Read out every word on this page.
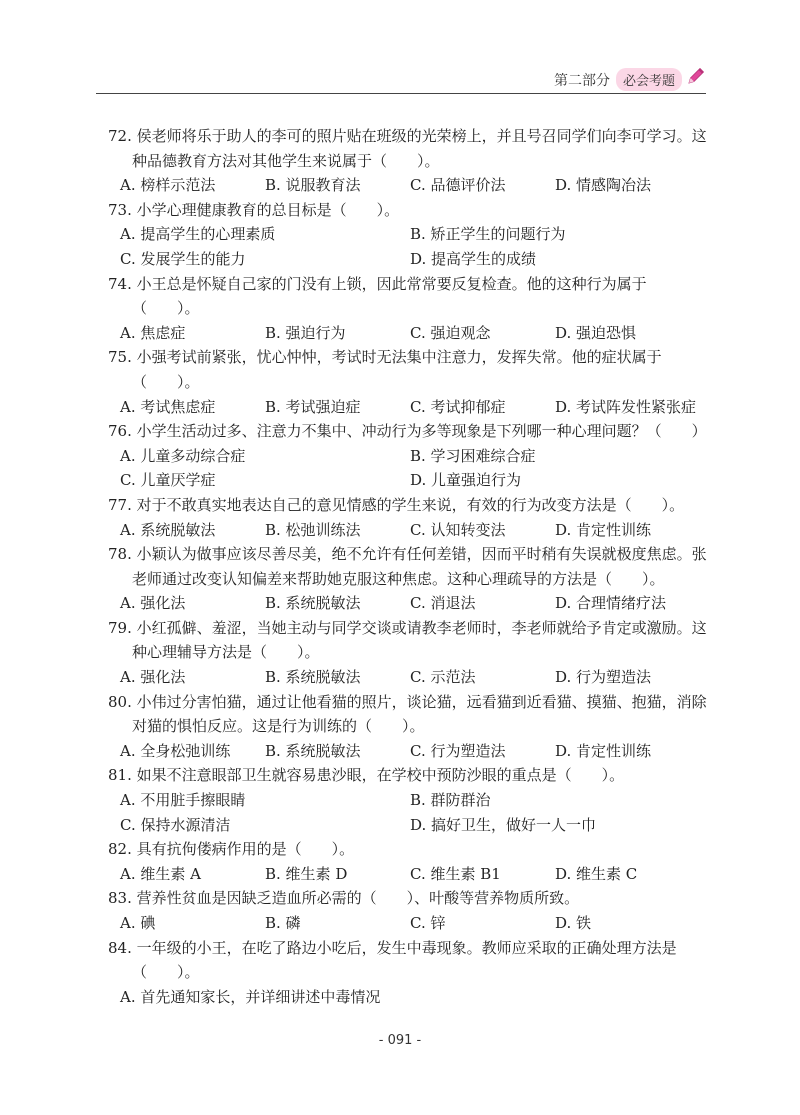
第二部分 必会考题
72. 侯老师将乐于助人的李可的照片贴在班级的光荣榜上，并且号召同学们向李可学习。这种品德教育方法对其他学生来说属于（　　）。
A. 榜样示范法	B. 说服教育法	C. 品德评价法	D. 情感陶冶法
73. 小学心理健康教育的总目标是（　　）。
A. 提高学生的心理素质	B. 矫正学生的问题行为
C. 发展学生的能力	D. 提高学生的成绩
74. 小王总是怀疑自己家的门没有上锁，因此常常要反复检查。他的这种行为属于（　　）。
A. 焦虑症	B. 强迫行为	C. 强迫观念	D. 强迫恐惧
75. 小强考试前紧张，忧心忡忡，考试时无法集中注意力，发挥失常。他的症状属于（　　）。
A. 考试焦虑症	B. 考试强迫症	C. 考试抑郁症	D. 考试阵发性紧张症
76. 小学生活动过多、注意力不集中、冲动行为多等现象是下列哪一种心理问题？（　　）
A. 儿童多动综合症	B. 学习困难综合症
C. 儿童厌学症	D. 儿童强迫行为
77. 对于不敢真实地表达自己的意见情感的学生来说，有效的行为改变方法是（　　）。
A. 系统脱敏法	B. 松弛训练法	C. 认知转变法	D. 肯定性训练
78. 小颖认为做事应该尽善尽美，绝不允许有任何差错，因而平时稍有失误就极度焦虑。张老师通过改变认知偏差来帮助她克服这种焦虑。这种心理疏导的方法是（　　）。
A. 强化法	B. 系统脱敏法	C. 消退法	D. 合理情绪疗法
79. 小红孤僻、羞涩，当她主动与同学交谈或请教李老师时，李老师就给予肯定或激励。这种心理辅导方法是（　　）。
A. 强化法	B. 系统脱敏法	C. 示范法	D. 行为塑造法
80. 小伟过分害怕猫，通过让他看猫的照片，谈论猫，远看猫到近看猫、摸猫、抱猫，消除对猫的惧怕反应。这是行为训练的（　　）。
A. 全身松弛训练	B. 系统脱敏法	C. 行为塑造法	D. 肯定性训练
81. 如果不注意眼部卫生就容易患沙眼，在学校中预防沙眼的重点是（　　）。
A. 不用脏手擦眼睛	B. 群防群治
C. 保持水源清洁	D. 搞好卫生，做好一人一巾
82. 具有抗佝偻病作用的是（　　）。
A. 维生素 A	B. 维生素 D	C. 维生素 B1	D. 维生素 C
83. 营养性贫血是因缺乏造血所必需的（　　）、叶酸等营养物质所致。
A. 碘	B. 磷	C. 锌	D. 铁
84. 一年级的小王，在吃了路边小吃后，发生中毒现象。教师应采取的正确处理方法是（　　）。
A. 首先通知家长，并详细讲述中毒情况
- 091 -
